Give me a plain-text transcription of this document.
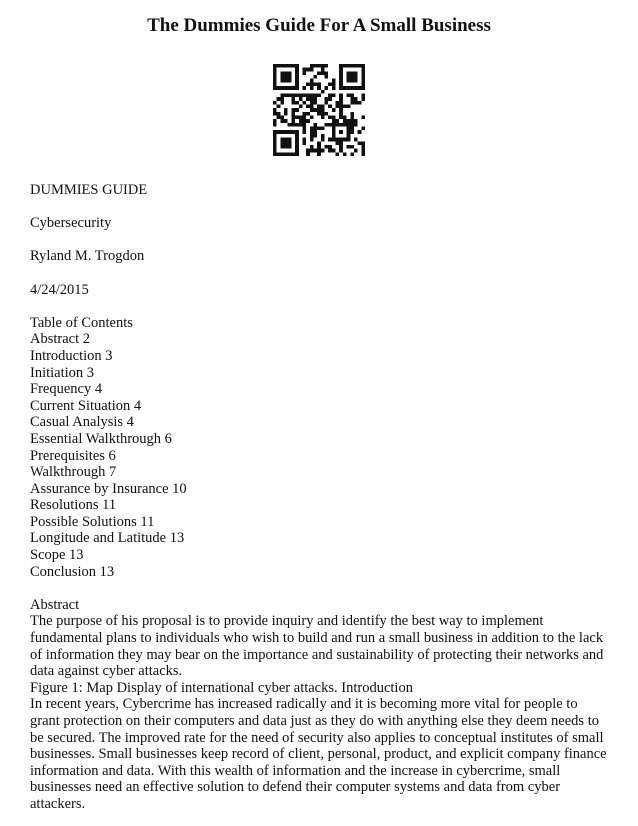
The Dummies Guide For A Small Business

DUMMIES GUIDE

Cybersecurity

Ryland M. Trogdon

4/24/2015

Table of Contents
Abstract 2
Introduction 3
Initiation 3
Frequency 4
Current Situation 4
Casual Analysis 4
Essential Walkthrough 6
Prerequisites 6
Walkthrough 7
Assurance by Insurance 10
Resolutions 11
Possible Solutions 11
Longitude and Latitude 13
Scope 13
Conclusion 13
Abstract
The purpose of his proposal is to provide inquiry and identify the best way to implement fundamental plans to individuals who wish to build and run a small business in addition to the lack of information they may bear on the importance and sustainability of protecting their networks and data against cyber attacks.
Figure 1: Map Display of international cyber attacks. Introduction
In recent years, Cybercrime has increased radically and it is becoming more vital for people to grant protection on their computers and data just as they do with anything else they deem needs to be secured. The improved rate for the need of security also applies to conceptual institutes of small businesses. Small businesses keep record of client, personal, product, and explicit company finance information and data. With this wealth of information and the increase in cybercrime, small businesses need an effective solution to defend their computer systems and data from cyber attackers.
